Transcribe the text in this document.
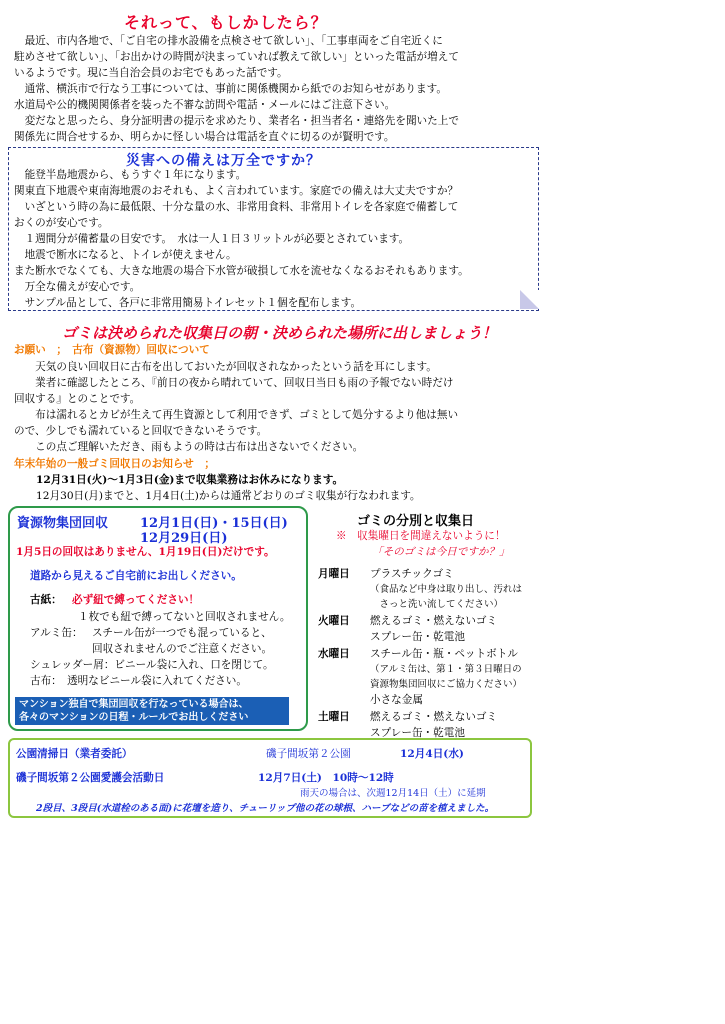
それって、もしかしたら？
　最近、市内各地で、「ご自宅の排水設備を点検させて欲しい」、「工事車両をご自宅近くに
駐めさせて欲しい」、「お出かけの時間が決まっていれば教えて欲しい」といった電話が増えて
いるようです。現に当自治会員のお宅でもあった話です。
　通常、横浜市で行なう工事については、事前に関係機関から紙でのお知らせがあります。
水道局や公的機関関係者を装った不審な訪問や電話・メールにはご注意下さい。
　変だなと思ったら、身分証明書の提示を求めたり、業者名・担当者名・連絡先を聞いた上で
関係先に問合せするか、明らかに怪しい場合は電話を直ぐに切るのが賢明です。
災害への備えは万全ですか？
　能登半島地震から、もうすぐ１年になります。
関東直下地震や東南海地震のおそれも、よく言われています。家庭での備えは大丈夫ですか？
　いざという時の為に最低限、十分な量の水、非常用食料、非常用トイレを各家庭で備蓄して
おくのが安心です。
　１週間分が備蓄量の目安です。　水は一人１日３リットルが必要とされています。
　地震で断水になると、トイレが使えません。
また断水でなくても、大きな地震の場合下水管が破損して水を流せなくなるおそれもあります。
　万全な備えが安心です。
　サンプル品として、各戸に非常用簡易トイレセット１個を配布します。
ゴミは決められた収集日の朝・決められた場所に出しましょう！
お願い　；　古布（資源物）回収について
　　天気の良い回収日に古布を出しておいたが回収されなかったという話を耳にします。
　　業者に確認したところ、『前日の夜から晴れていて、回収日当日も雨の予報でない時だけ
回収する』とのことです。
　　布は濡れるとカビが生えて再生資源として利用できず、ゴミとして処分するより他は無い
ので、少しでも濡れていると回収できないそうです。
　　この点ご理解いただき、雨もようの時は古布は出さないでください。
年末年始の一般ゴミ回収日のお知らせ　；
12月31日(火)～1月3日(金)まで収集業務はお休みになります。
12月30日(月)までと、1月4日(土)からは通常どおりのゴミ収集が行なわれます。
資源物集団回収 12月1日(日)・15日(日)
12月29日(日)
1月5日の回収はありません、1月19日(日)だけです。
道路から見えるご自宅前にお出しください。
古紙： 必ず紐で縛ってください！
１枚でも紐で縛ってないと回収されません。
アルミ缶： スチール缶が一つでも混っていると、
回収されませんのでご注意ください。
シュレッダー屑：ビニール袋に入れ、口を閉じて。
古布：　透明なビニール袋に入れてください。
マンション独自で集団回収を行なっている場合は、
各々のマンションの日程・ルールでお出しください
ゴミの分別と収集日
※　収集曜日を間違えないように！
「そのゴミは今日ですか？」
月曜日 プラスチックゴミ
（食品など中身は取り出し、汚れは
　さっと洗い流してください）
火曜日 燃えるゴミ・燃えないゴミ
スプレー缶・乾電池
水曜日 スチール缶・瓶・ペットボトル
（アルミ缶は、第１・第３日曜日の
資源物集団回収にご協力ください）
小さな金属
土曜日 燃えるゴミ・燃えないゴミ
スプレー缶・乾電池
公園清掃日（業者委託）	磯子間坂第２公園	12月4日(水)
磯子間坂第２公園愛護会活動日	12月7日(土)　10時～12時
雨天の場合は、次週12月14日（土）に延期
2段目、3段目(水道栓のある面)に花壇を造り、チューリップ他の花の球根、ハーブなどの苗を植えました。
